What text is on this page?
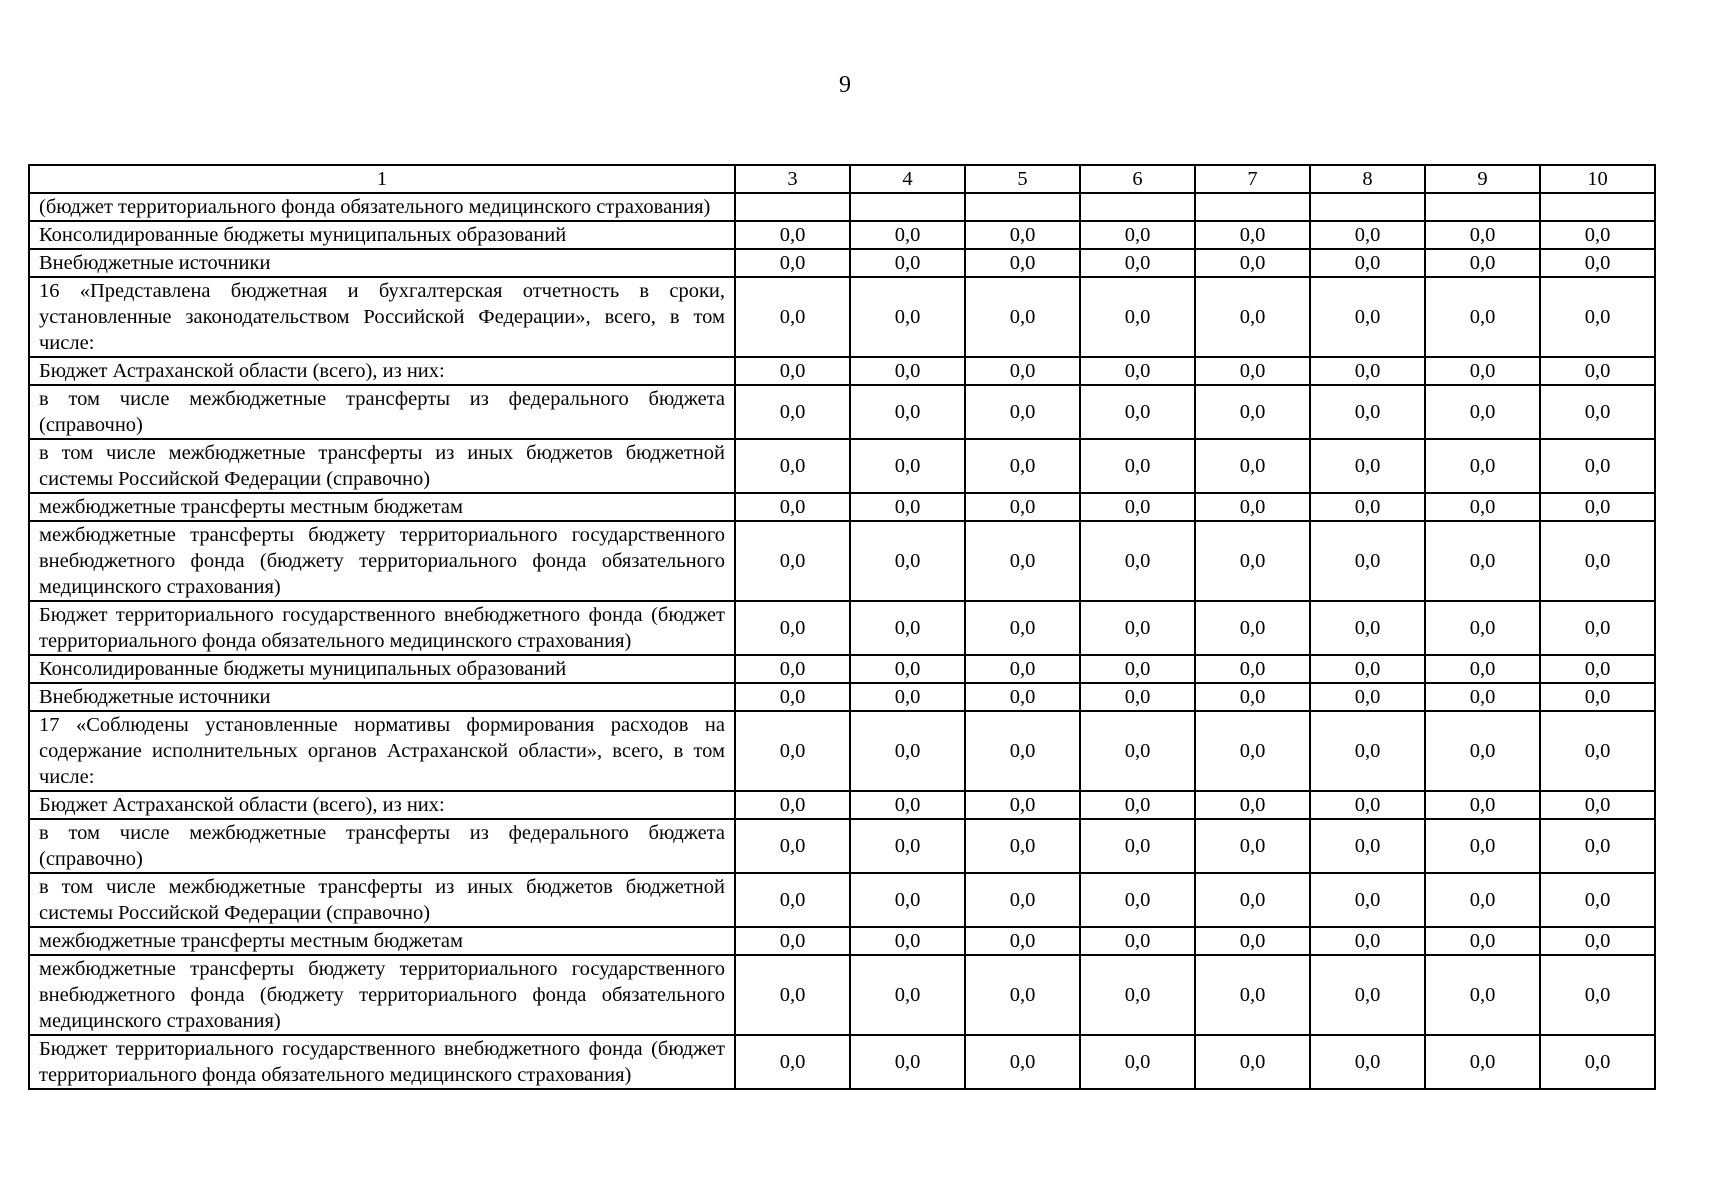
9
1	3	4	5	6	7	8	9	10
(бюджет территориального фонда обязательного медицинского страхования)								
Консолидированные бюджеты муниципальных образований	0,0	0,0	0,0	0,0	0,0	0,0	0,0	0,0
Внебюджетные источники	0,0	0,0	0,0	0,0	0,0	0,0	0,0	0,0
16 «Представлена бюджетная и бухгалтерская отчетность в сроки, установленные законодательством Российской Федерации», всего, в том числе:	0,0	0,0	0,0	0,0	0,0	0,0	0,0	0,0
Бюджет Астраханской области (всего), из них:	0,0	0,0	0,0	0,0	0,0	0,0	0,0	0,0
в том числе межбюджетные трансферты из федерального бюджета (справочно)	0,0	0,0	0,0	0,0	0,0	0,0	0,0	0,0
в том числе межбюджетные трансферты из иных бюджетов бюджетной системы Российской Федерации (справочно)	0,0	0,0	0,0	0,0	0,0	0,0	0,0	0,0
межбюджетные трансферты местным бюджетам	0,0	0,0	0,0	0,0	0,0	0,0	0,0	0,0
межбюджетные трансферты бюджету территориального государственного внебюджетного фонда (бюджету территориального фонда обязательного медицинского страхования)	0,0	0,0	0,0	0,0	0,0	0,0	0,0	0,0
Бюджет территориального государственного внебюджетного фонда (бюджет территориального фонда обязательного медицинского страхования)	0,0	0,0	0,0	0,0	0,0	0,0	0,0	0,0
Консолидированные бюджеты муниципальных образований	0,0	0,0	0,0	0,0	0,0	0,0	0,0	0,0
Внебюджетные источники	0,0	0,0	0,0	0,0	0,0	0,0	0,0	0,0
17 «Соблюдены установленные нормативы формирования расходов на содержание исполнительных органов Астраханской области», всего, в том числе:	0,0	0,0	0,0	0,0	0,0	0,0	0,0	0,0
Бюджет Астраханской области (всего), из них:	0,0	0,0	0,0	0,0	0,0	0,0	0,0	0,0
в том числе межбюджетные трансферты из федерального бюджета (справочно)	0,0	0,0	0,0	0,0	0,0	0,0	0,0	0,0
в том числе межбюджетные трансферты из иных бюджетов бюджетной системы Российской Федерации (справочно)	0,0	0,0	0,0	0,0	0,0	0,0	0,0	0,0
межбюджетные трансферты местным бюджетам	0,0	0,0	0,0	0,0	0,0	0,0	0,0	0,0
межбюджетные трансферты бюджету территориального государственного внебюджетного фонда (бюджету территориального фонда обязательного медицинского страхования)	0,0	0,0	0,0	0,0	0,0	0,0	0,0	0,0
Бюджет территориального государственного внебюджетного фонда (бюджет территориального фонда обязательного медицинского страхования)	0,0	0,0	0,0	0,0	0,0	0,0	0,0	0,0
